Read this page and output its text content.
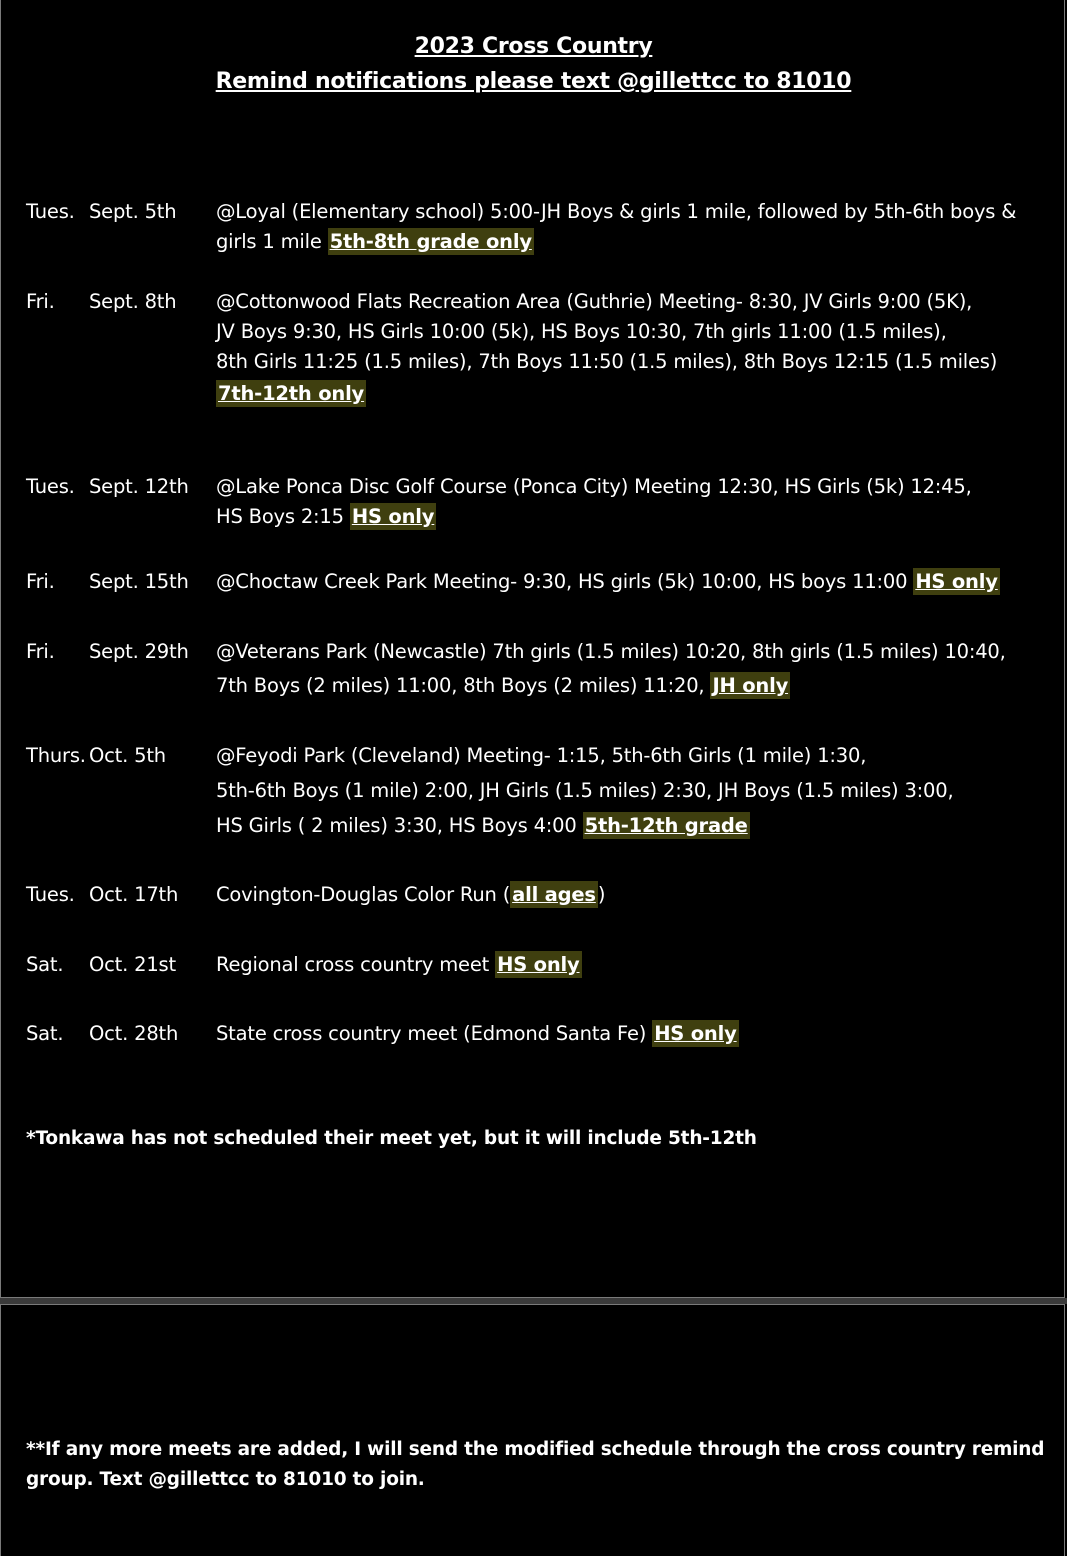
2023 Cross Country
Remind notifications please text @gillettcc to 81010
Tues. Sept. 5th @Loyal (Elementary school) 5:00-JH Boys & girls 1 mile, followed by 5th-6th boys &
girls 1 mile 5th-8th grade only
Fri. Sept. 8th @Cottonwood Flats Recreation Area (Guthrie) Meeting- 8:30, JV Girls 9:00 (5K),
JV Boys 9:30, HS Girls 10:00 (5k), HS Boys 10:30, 7th girls 11:00 (1.5 miles),
8th Girls 11:25 (1.5 miles), 7th Boys 11:50 (1.5 miles), 8th Boys 12:15 (1.5 miles)
7th-12th only
Tues. Sept. 12th @Lake Ponca Disc Golf Course (Ponca City) Meeting 12:30, HS Girls (5k) 12:45,
HS Boys 2:15 HS only
Fri. Sept. 15th @Choctaw Creek Park Meeting- 9:30, HS girls (5k) 10:00, HS boys 11:00 HS only
Fri. Sept. 29th @Veterans Park (Newcastle) 7th girls (1.5 miles) 10:20, 8th girls (1.5 miles) 10:40,
7th Boys (2 miles) 11:00, 8th Boys (2 miles) 11:20, JH only
Thurs. Oct. 5th	@Feyodi Park (Cleveland) Meeting- 1:15, 5th-6th Girls (1 mile) 1:30,
5th-6th Boys (1 mile) 2:00, JH Girls (1.5 miles) 2:30, JH Boys (1.5 miles) 3:00,
HS Girls ( 2 miles) 3:30, HS Boys 4:00 5th-12th grade
Tues. Oct. 17th Covington-Douglas Color Run ( all ages )
Sat. Oct. 21st Regional cross country meet HS only
Sat. Oct. 28th State cross country meet (Edmond Santa Fe) HS only
*Tonkawa has not scheduled their meet yet, but it will include 5th-12th
**If any more meets are added, I will send the modified schedule through the cross country remind
group. Text @gillettcc to 81010 to join.
